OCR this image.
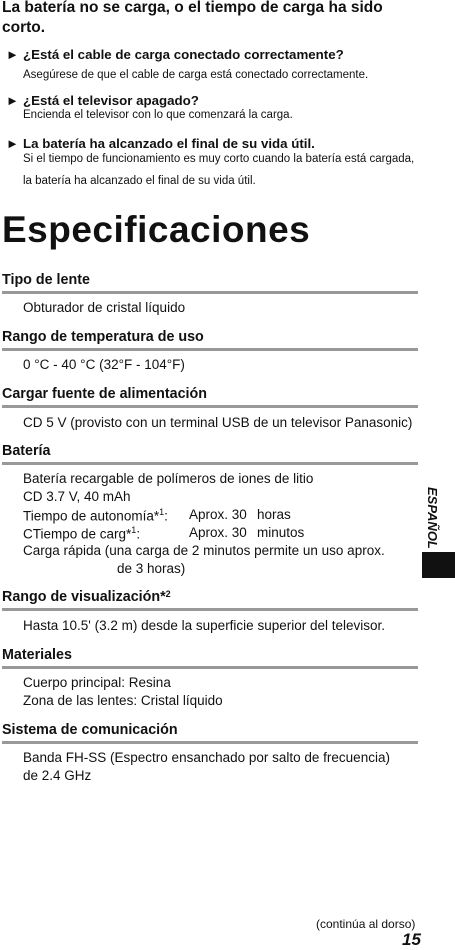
La batería no se carga, o el tiempo de carga ha sido corto.
► ¿Está el cable de carga conectado correctamente?
Asegúrese de que el cable de carga está conectado correctamente.
► ¿Está el televisor apagado?
Encienda el televisor con lo que comenzará la carga.
► La batería ha alcanzado el final de su vida útil.
Si el tiempo de funcionamiento es muy corto cuando la batería está cargada, la batería ha alcanzado el final de su vida útil.
Especificaciones
Tipo de lente
Obturador de cristal líquido
Rango de temperatura de uso
0 °C - 40 °C (32°F - 104°F)
Cargar fuente de alimentación
CD 5 V (provisto con un terminal USB de un televisor Panasonic)
Batería
Batería recargable de polímeros de iones de litio
CD 3.7 V, 40 mAh
Tiempo de autonomía*$^1$: Aprox. 30 horas
CTiempo de carg*$^1$:	Aprox. 30 minutos
Carga rápida (una carga de 2 minutos permite un uso aprox.
de 3 horas)
Rango de visualización*$^2$
Hasta 10.5' (3.2 m) desde la superficie superior del televisor.
Materiales
Cuerpo principal: Resina
Zona de las lentes: Cristal líquido
Sistema de comunicación
Banda FH-SS (Espectro ensanchado por salto de frecuencia)
de 2.4 GHz
ESPAÑOL
(continúa al dorso)
15
